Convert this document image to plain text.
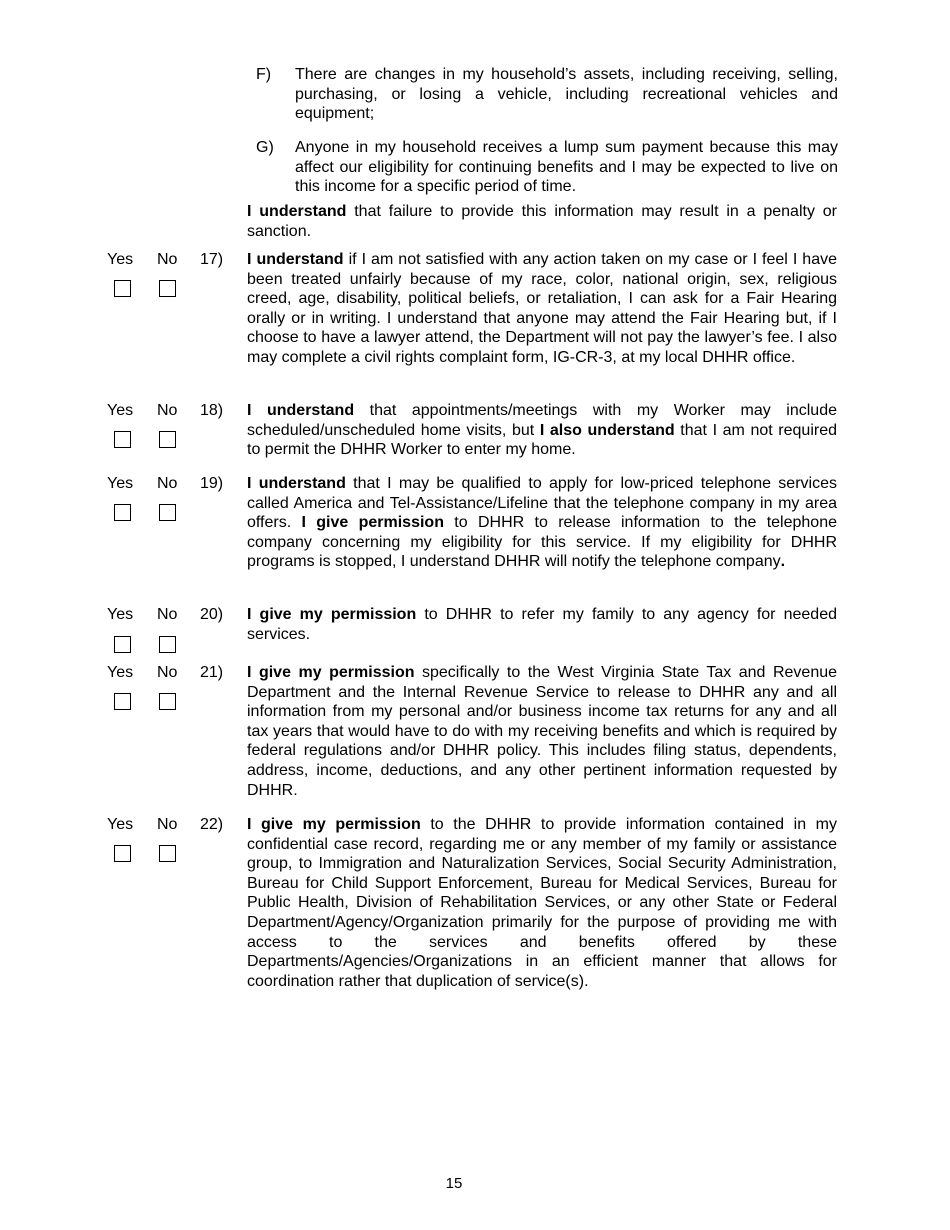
F) There are changes in my household’s assets, including receiving, selling, purchasing, or losing a vehicle, including recreational vehicles and equipment;
G) Anyone in my household receives a lump sum payment because this may affect our eligibility for continuing benefits and I may be expected to live on this income for a specific period of time.
I understand that failure to provide this information may result in a penalty or sanction.
Yes No 17) I understand if I am not satisfied with any action taken on my case or I feel I have been treated unfairly because of my race, color, national origin, sex, religious creed, age, disability, political beliefs, or retaliation, I can ask for a Fair Hearing orally or in writing. I understand that anyone may attend the Fair Hearing but, if I choose to have a lawyer attend, the Department will not pay the lawyer’s fee. I also may complete a civil rights complaint form, IG-CR-3, at my local DHHR office.
Yes No 18) I understand that appointments/meetings with my Worker may include scheduled/unscheduled home visits, but I also understand that I am not required to permit the DHHR Worker to enter my home.
Yes No 19) I understand that I may be qualified to apply for low-priced telephone services called America and Tel-Assistance/Lifeline that the telephone company in my area offers. I give permission to DHHR to release information to the telephone company concerning my eligibility for this service. If my eligibility for DHHR programs is stopped, I understand DHHR will notify the telephone company.
Yes No 20) I give my permission to DHHR to refer my family to any agency for needed services.
Yes No 21) I give my permission specifically to the West Virginia State Tax and Revenue Department and the Internal Revenue Service to release to DHHR any and all information from my personal and/or business income tax returns for any and all tax years that would have to do with my receiving benefits and which is required by federal regulations and/or DHHR policy. This includes filing status, dependents, address, income, deductions, and any other pertinent information requested by DHHR.
Yes No 22) I give my permission to the DHHR to provide information contained in my confidential case record, regarding me or any member of my family or assistance group, to Immigration and Naturalization Services, Social Security Administration, Bureau for Child Support Enforcement, Bureau for Medical Services, Bureau for Public Health, Division of Rehabilitation Services, or any other State or Federal Department/Agency/Organization primarily for the purpose of providing me with access to the services and benefits offered by these Departments/Agencies/Organizations in an efficient manner that allows for coordination rather that duplication of service(s).
15
